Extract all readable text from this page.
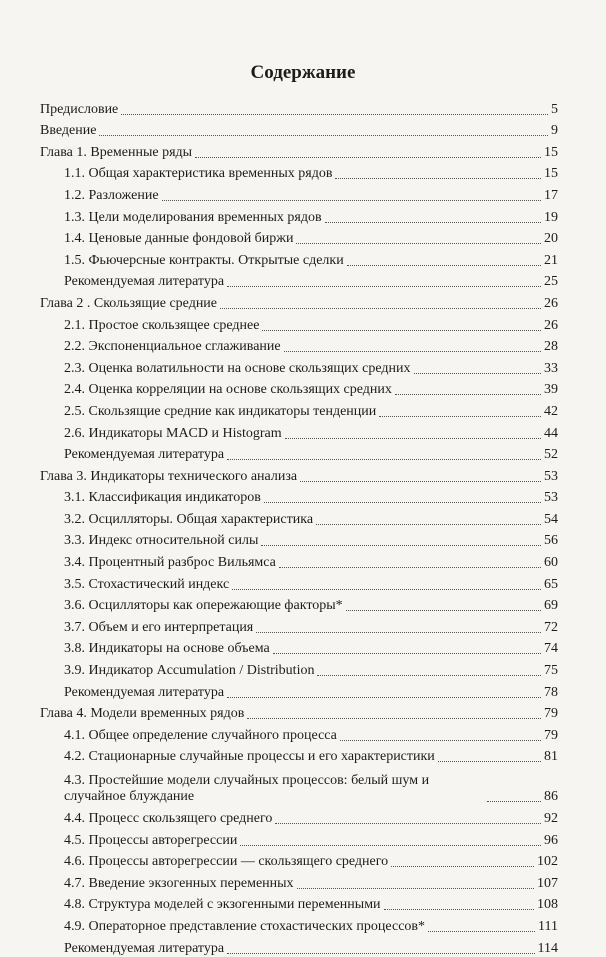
Содержание
Предисловие	5
Введение	9
Глава 1. Временные ряды	15
1.1. Общая характеристика временных рядов	15
1.2. Разложение	17
1.3. Цели моделирования временных рядов	19
1.4. Ценовые данные фондовой биржи	20
1.5. Фьючерсные контракты. Открытые сделки	21
Рекомендуемая литература	25
Глава 2 . Скользящие средние	26
2.1. Простое скользящее среднее	26
2.2. Экспоненциальное сглаживание	28
2.3. Оценка волатильности на основе скользящих средних	33
2.4. Оценка корреляции на основе скользящих средних	39
2.5. Скользящие средние как индикаторы тенденции	42
2.6. Индикаторы MACD и Histogram	44
Рекомендуемая литература	52
Глава 3. Индикаторы технического анализа	53
3.1. Классификация индикаторов	53
3.2. Осцилляторы. Общая характеристика	54
3.3. Индекс относительной силы	56
3.4. Процентный разброс Вильямса	60
3.5. Стохастический индекс	65
3.6. Осцилляторы как опережающие факторы*	69
3.7. Объем и его интерпретация	72
3.8. Индикаторы на основе объема	74
3.9. Индикатор Accumulation / Distribution	75
Рекомендуемая литература	78
Глава 4. Модели временных рядов	79
4.1. Общее определение случайного процесса	79
4.2. Стационарные случайные процессы и его характеристики	81
4.3. Простейшие модели случайных процессов: белый шум и случайное блуждание	86
4.4. Процесс скользящего среднего	92
4.5. Процессы авторегрессии	96
4.6. Процессы авторегрессии — скользящего среднего	102
4.7. Введение экзогенных переменных	107
4.8. Структура моделей с экзогенными переменными	108
4.9. Операторное представление стохастических процессов*	111
Рекомендуемая литература	114
